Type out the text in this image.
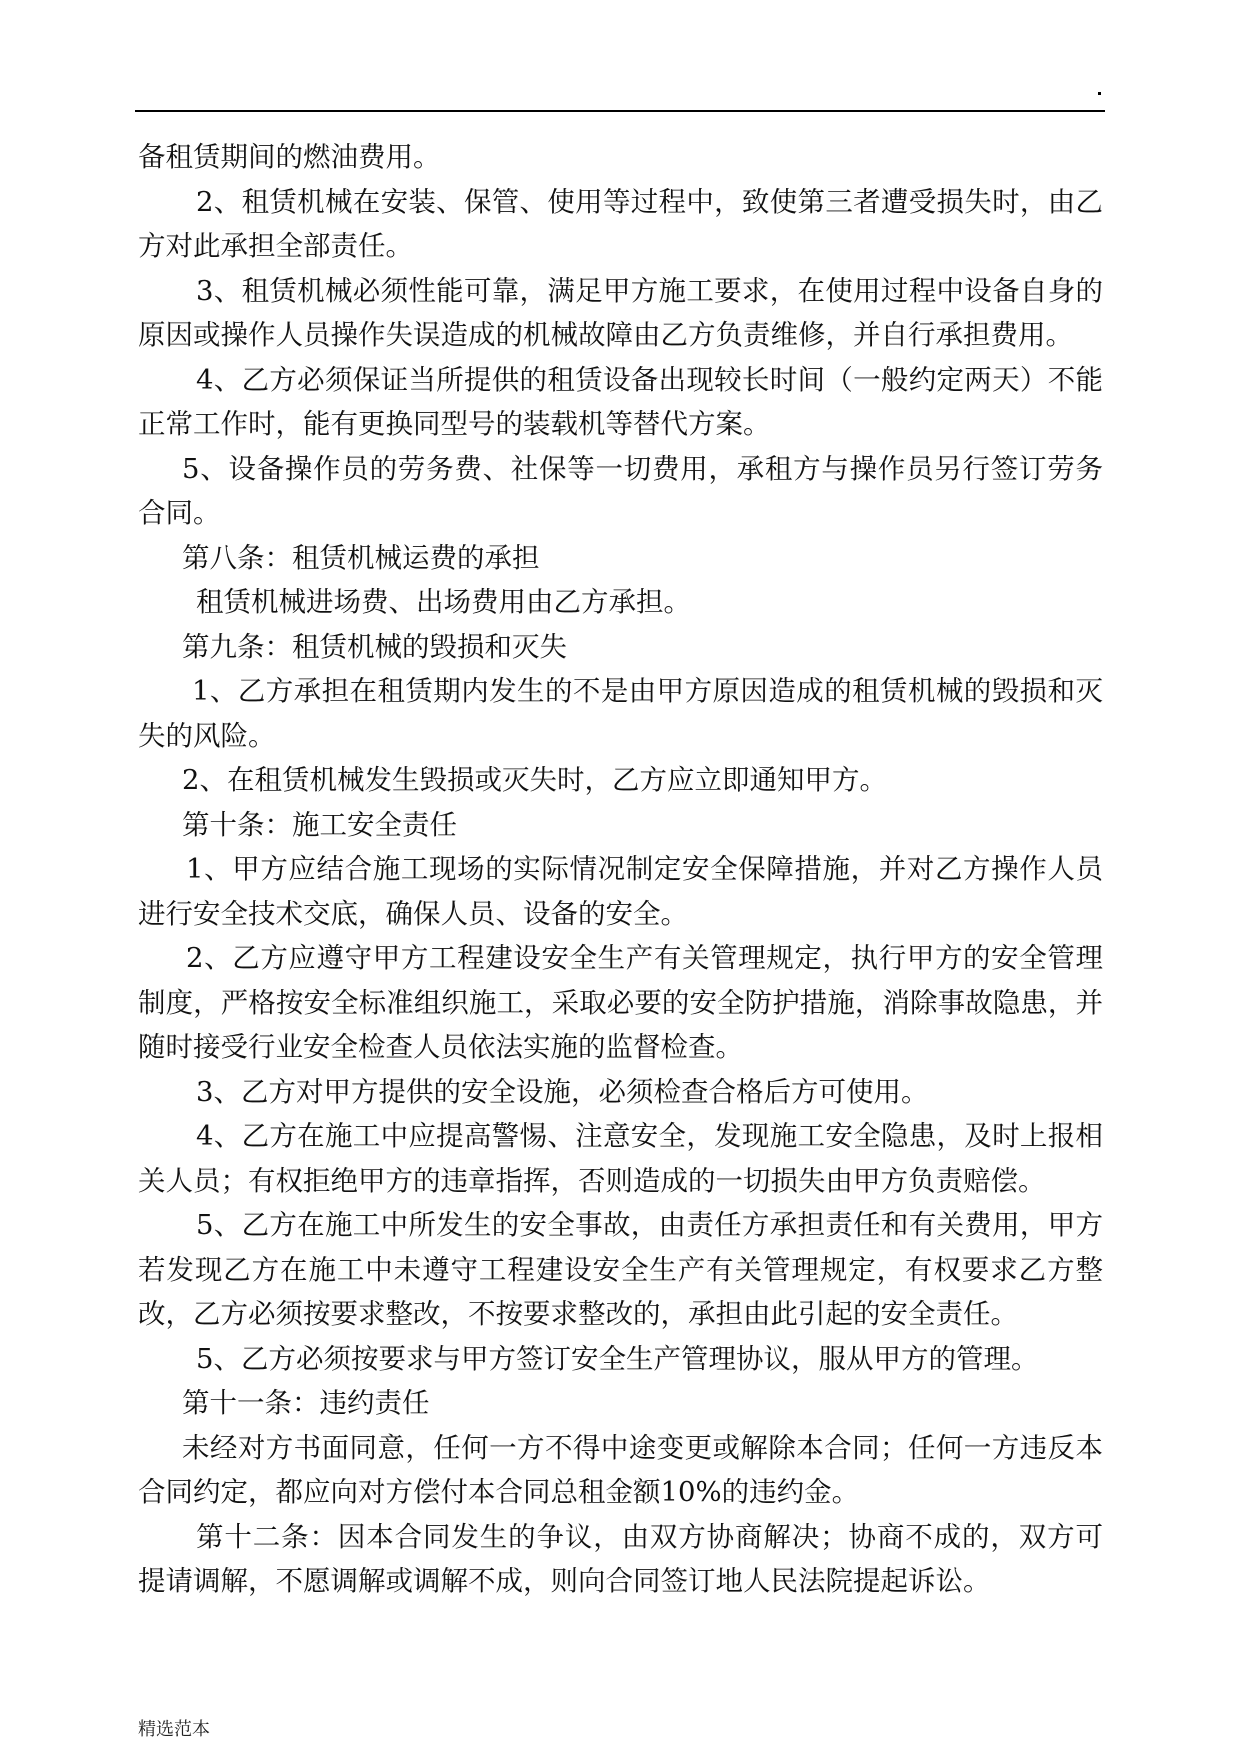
备租赁期间的燃油费用。

2、租赁机械在安装、保管、使用等过程中，致使第三者遭受损失时，由乙方对此承担全部责任。

3、租赁机械必须性能可靠，满足甲方施工要求，在使用过程中设备自身的原因或操作人员操作失误造成的机械故障由乙方负责维修，并自行承担费用。

4、乙方必须保证当所提供的租赁设备出现较长时间（一般约定两天）不能正常工作时，能有更换同型号的装载机等替代方案。

5、设备操作员的劳务费、社保等一切费用，承租方与操作员另行签订劳务合同。

第八条：租赁机械运费的承担

租赁机械进场费、出场费用由乙方承担。

第九条：租赁机械的毁损和灭失

1、乙方承担在租赁期内发生的不是由甲方原因造成的租赁机械的毁损和灭失的风险。

2、在租赁机械发生毁损或灭失时，乙方应立即通知甲方。

第十条：施工安全责任

1、甲方应结合施工现场的实际情况制定安全保障措施，并对乙方操作人员进行安全技术交底，确保人员、设备的安全。

2、乙方应遵守甲方工程建设安全生产有关管理规定，执行甲方的安全管理制度，严格按安全标准组织施工，采取必要的安全防护措施，消除事故隐患，并随时接受行业安全检查人员依法实施的监督检查。

3、乙方对甲方提供的安全设施，必须检查合格后方可使用。

4、乙方在施工中应提高警惕、注意安全，发现施工安全隐患，及时上报相关人员；有权拒绝甲方的违章指挥，否则造成的一切损失由甲方负责赔偿。

5、乙方在施工中所发生的安全事故，由责任方承担责任和有关费用，甲方若发现乙方在施工中未遵守工程建设安全生产有关管理规定，有权要求乙方整改，乙方必须按要求整改，不按要求整改的，承担由此引起的安全责任。

5、乙方必须按要求与甲方签订安全生产管理协议，服从甲方的管理。

第十一条：违约责任

未经对方书面同意，任何一方不得中途变更或解除本合同；任何一方违反本合同约定，都应向对方偿付本合同总租金额10%的违约金。

第十二条：因本合同发生的争议，由双方协商解决；协商不成的，双方可提请调解，不愿调解或调解不成，则向合同签订地人民法院提起诉讼。

精选范本
